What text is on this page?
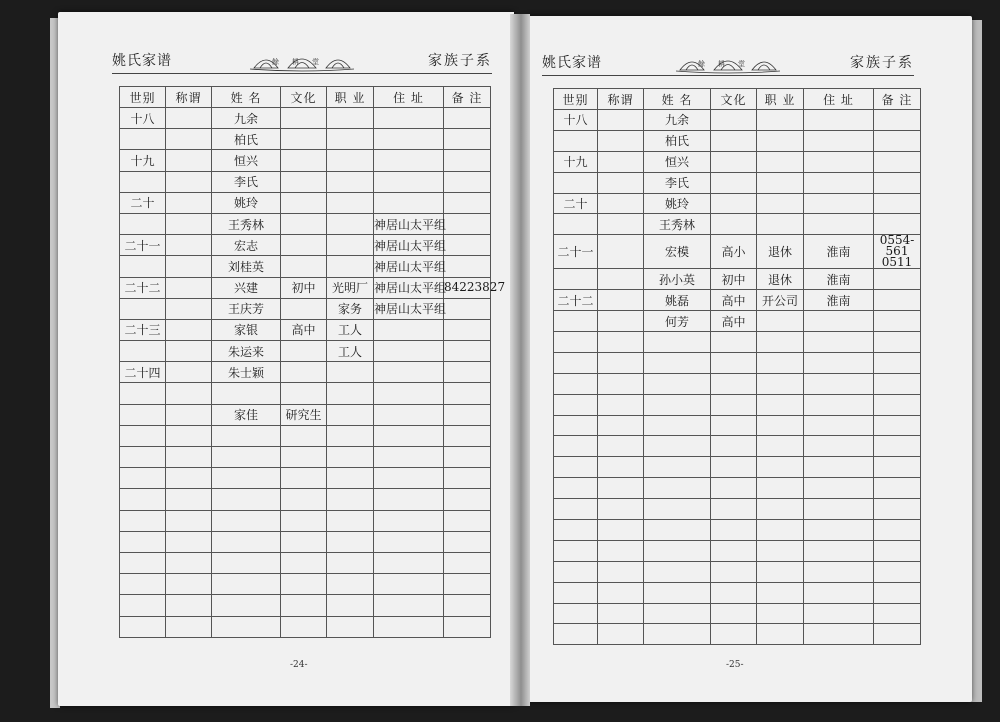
姚氏家谱	餘耕堂	家族子系	姚氏家谱	餘耕堂	家族子系
世别	称谓	姓 名	文化	职 业	住 址	备 注
十八		九余				
		柏氏				
十九		恒兴				
		李氏				
二十		姚玲				
		王秀林			神居山太平组	
二十一		宏志			神居山太平组	
		刘桂英			神居山太平组	
二十二		兴建	初中	光明厂	神居山太平组	84223827
		王庆芳		家务	神居山太平组	
二十三		家银	高中	工人		
		朱运来		工人		
二十四		朱士颖				

		家佳	研究生			

世别	称谓	姓 名	文化	职 业	住 址	备 注
十八		九余				
		柏氏				
十九		恒兴				
		李氏				
二十		姚玲				
		王秀林				
二十一		宏模	高小	退休	淮南	0554-561 0511
		孙小英	初中	退休	淮南	
二十二		姚磊	高中	开公司	淮南	
		何芳	高中			

-24-	-25-
